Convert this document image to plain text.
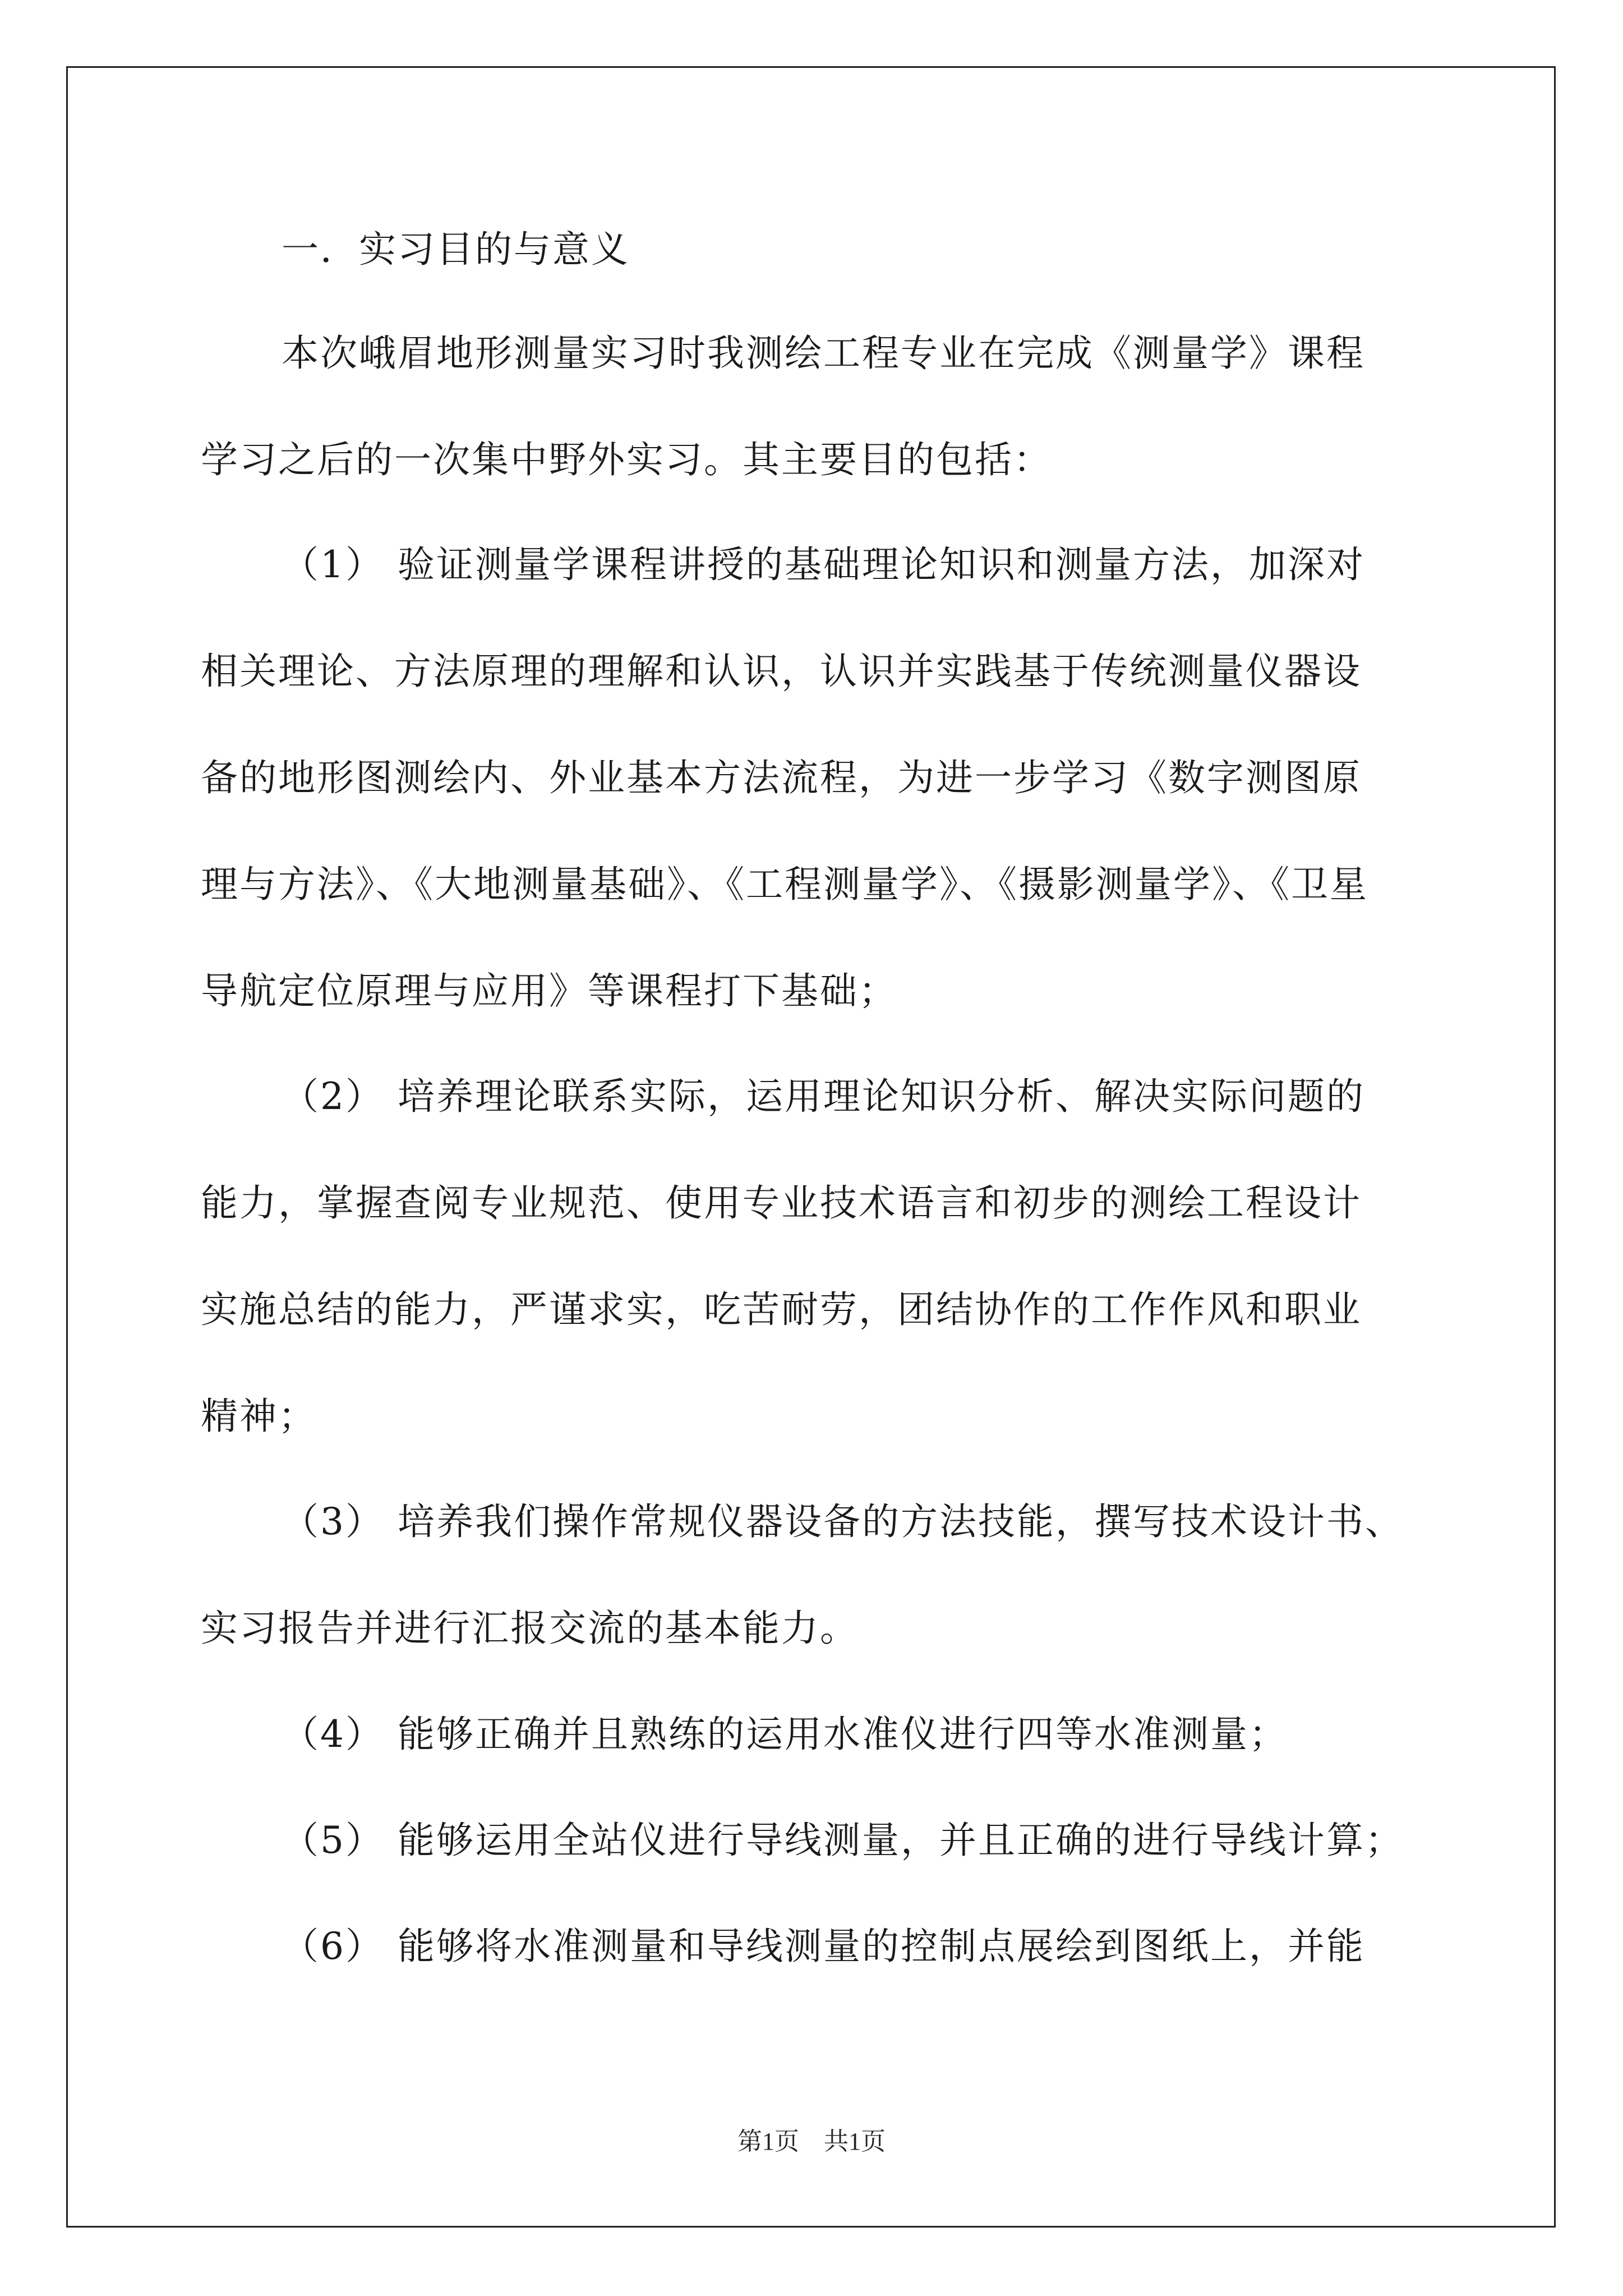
一．实习目的与意义
本次峨眉地形测量实习时我测绘工程专业在完成《测量学》课程
学习之后的一次集中野外实习。其主要目的包括：
（1） 验证测量学课程讲授的基础理论知识和测量方法，加深对
相关理论、方法原理的理解和认识，认识并实践基于传统测量仪器设
备的地形图测绘内、外业基本方法流程，为进一步学习《数字测图原
理与方法》、《大地测量基础》、《工程测量学》、《摄影测量学》、《卫星
导航定位原理与应用》等课程打下基础；
（2） 培养理论联系实际，运用理论知识分析、解决实际问题的
能力，掌握查阅专业规范、使用专业技术语言和初步的测绘工程设计
实施总结的能力，严谨求实，吃苦耐劳，团结协作的工作作风和职业
精神；
（3） 培养我们操作常规仪器设备的方法技能，撰写技术设计书、
实习报告并进行汇报交流的基本能力。
（4） 能够正确并且熟练的运用水准仪进行四等水准测量；
（5） 能够运用全站仪进行导线测量，并且正确的进行导线计算；
（6） 能够将水准测量和导线测量的控制点展绘到图纸上，并能
第1页　共1页
